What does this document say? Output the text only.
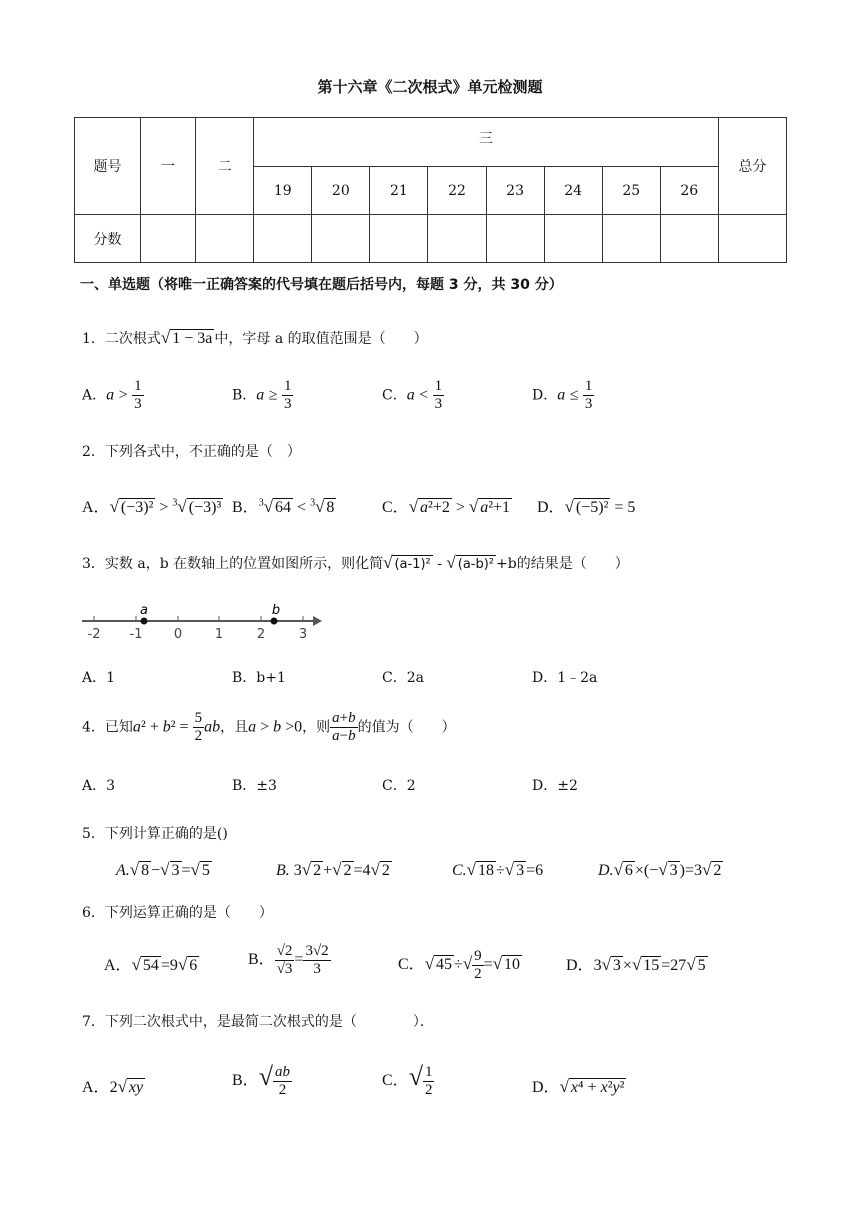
第十六章《二次根式》单元检测题
题号	一	二	三								总分
			19	20	21	22	23	24	25	26	
分数											
一、单选题（将唯一正确答案的代号填在题后括号内，每题 3 分，共 30 分）
1．二次根式√ 1 − 3a 中，字母 a 的取值范围是（　　）
A．$a > \frac{1}{3}$	B．$a \ge \frac{1}{3}$	C．$a < \frac{1}{3}$	D．$a \le \frac{1}{3}$
2．下列各式中，不正确的是（　）
A．√ (−3)² > $^3$√ (−3)³ B．$^3$√ 64 < $^3$√ 8	C．√ a²+2 > √ a²+1 D．√ (−5)² = 5
3．实数 a，b 在数轴上的位置如图所示，则化简√ (a-1)² - √ (a-b)² +b的结果是（　　）
-2 -1 0	1	2	3
a	b
A．1	B．b+1	C．2a	D．1﹣2a
4．已知$a^2 + b^2 = \frac{5}{2}$ ab，且a > b >0，则 $\frac{a+b}{a-b}$ 的值为（　　）
A．3	B．±3	C．2	D．±2
5．下列计算正确的是()
A.√ 8 −√ 3 =√ 5	B. 3√ 2 +√ 2 =4√ 2	C.√ 18 ÷√ 3 =6	D.√ 6 ×(−√ 3 )=3√ 2
6．下列运算正确的是（　　）
A．√ 54 =9√ 6	B． $\frac{√2}{√3} = \frac{3√2}{3}$	C．√ 45 ÷√ $\frac{9}{2}$ =√ 10	D．3√ 3 ×√ 15 =27√ 5
7．下列二次根式中，是最简二次根式的是（　　　　）．
A．2√ xy	B．√ $\frac{ab}{2}$	C．√ $\frac{1}{2}$	D．√ x⁴ + x²y²
